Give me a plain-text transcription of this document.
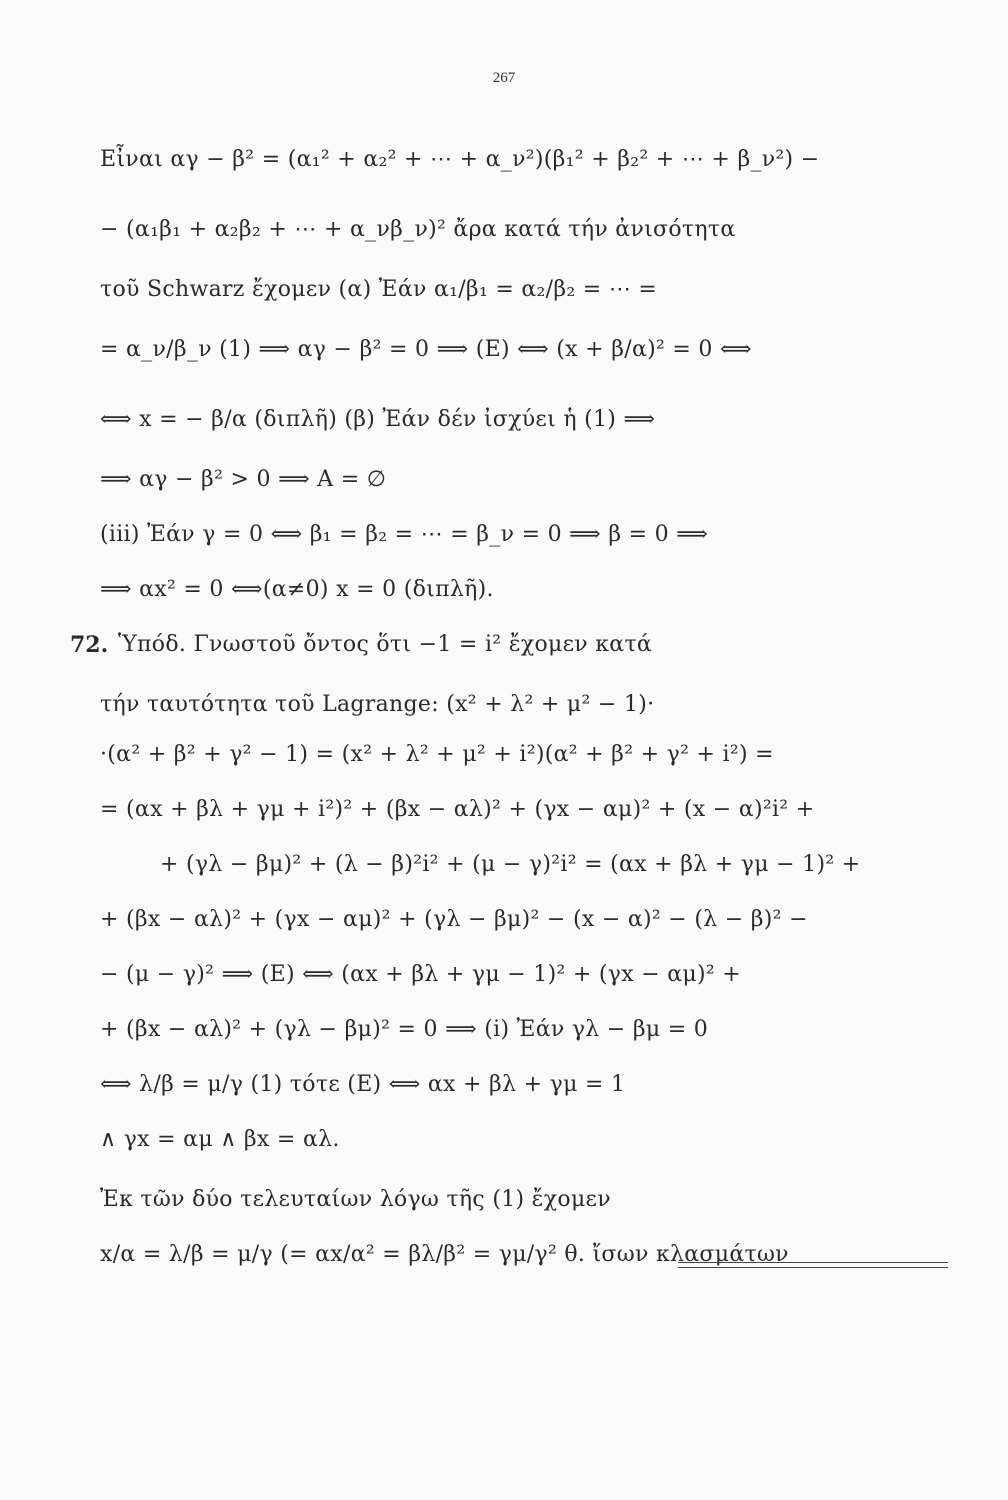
267
Εἶναι αγ − β² = (α₁² + α₂² + ⋯ + α_ν²)(β₁² + β₂² + ⋯ + β_ν²) −
− (α₁β₁ + α₂β₂ + ⋯ + α_νβ_ν)² ἄρα κατά τήν ἀνισότητα
τοῦ Schwarz ἔχομεν (α) Ἐάν α₁/β₁ = α₂/β₂ = ⋯ =
= α_ν/β_ν (1) ⟹ αγ − β² = 0 ⟹ (E) ⟺ (x + β/α)² = 0 ⟺
⟺ x = − β/α (διπλῆ) (β) Ἐάν δέν ἰσχύει ἡ (1) ⟹
⟹ αγ − β² > 0 ⟹ A = ∅
(iii) Ἐάν γ = 0 ⟺ β₁ = β₂ = ⋯ = β_ν = 0 ⟹ β = 0 ⟹
⟹ αx² = 0 ⟺(α≠0) x = 0 (διπλῆ).
72. Ὑπόδ. Γνωστοῦ ὄντος ὅτι −1 = i² ἔχομεν κατά
τήν ταυτότητα τοῦ Lagrange: (x² + λ² + μ² − 1)·
·(α² + β² + γ² − 1) = (x² + λ² + μ² + i²)(α² + β² + γ² + i²) =
= (αx + βλ + γμ + i²)² + (βx − αλ)² + (γx − αμ)² + (x − α)²i² +
+ (γλ − βμ)² + (λ − β)²i² + (μ − γ)²i² = (αx + βλ + γμ − 1)² +
+ (βx − αλ)² + (γx − αμ)² + (γλ − βμ)² − (x − α)² − (λ − β)² −
− (μ − γ)² ⟹ (E) ⟺ (αx + βλ + γμ − 1)² + (γx − αμ)² +
+ (βx − αλ)² + (γλ − βμ)² = 0 ⟹ (i) Ἐάν γλ − βμ = 0
⟺ λ/β = μ/γ (1) τότε (E) ⟺ αx + βλ + γμ = 1
∧ γx = αμ ∧ βx = αλ.
Ἐκ τῶν δύο τελευταίων λόγω τῆς (1) ἔχομεν
x/α = λ/β = μ/γ (= αx/α² = βλ/β² = γμ/γ² θ. ἴσων κλασμάτων
